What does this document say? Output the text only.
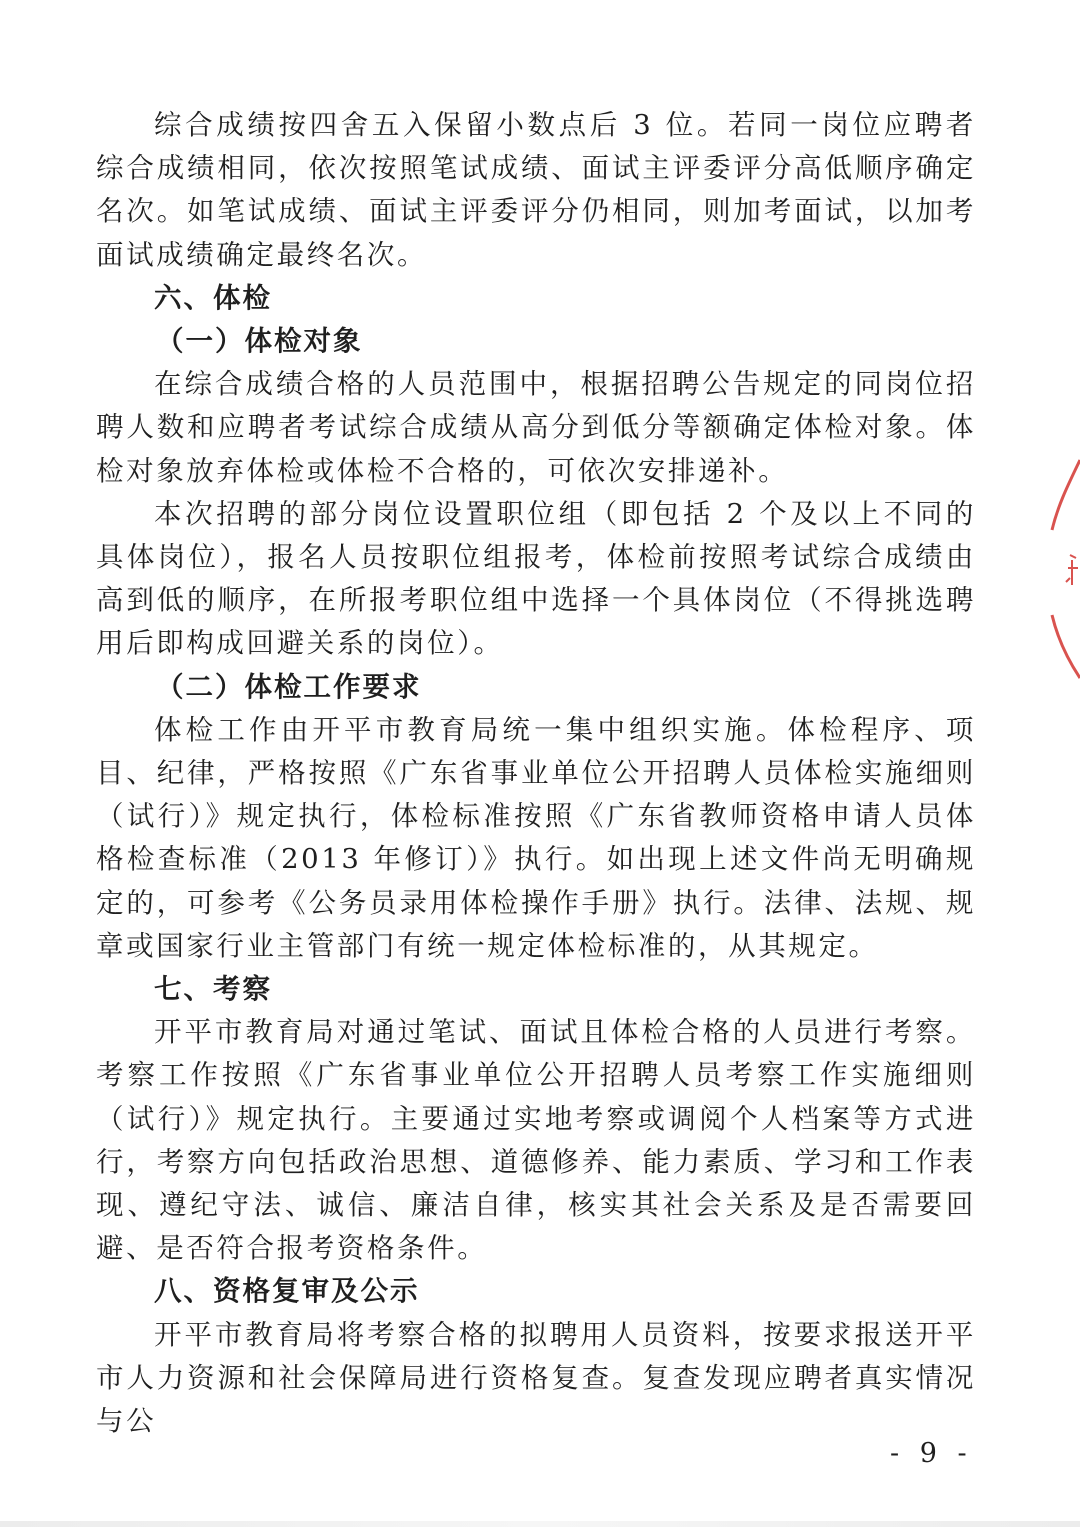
综合成绩按四舍五入保留小数点后 3 位。若同一岗位应聘者综合成绩相同，依次按照笔试成绩、面试主评委评分高低顺序确定名次。如笔试成绩、面试主评委评分仍相同，则加考面试，以加考面试成绩确定最终名次。

六、体检

（一）体检对象

在综合成绩合格的人员范围中，根据招聘公告规定的同岗位招聘人数和应聘者考试综合成绩从高分到低分等额确定体检对象。体检对象放弃体检或体检不合格的，可依次安排递补。

本次招聘的部分岗位设置职位组（即包括 2 个及以上不同的具体岗位），报名人员按职位组报考，体检前按照考试综合成绩由高到低的顺序，在所报考职位组中选择一个具体岗位（不得挑选聘用后即构成回避关系的岗位）。

（二）体检工作要求

体检工作由开平市教育局统一集中组织实施。体检程序、项目、纪律，严格按照《广东省事业单位公开招聘人员体检实施细则（试行）》规定执行，体检标准按照《广东省教师资格申请人员体格检查标准（2013 年修订）》执行。如出现上述文件尚无明确规定的，可参考《公务员录用体检操作手册》执行。法律、法规、规章或国家行业主管部门有统一规定体检标准的，从其规定。

七、考察

开平市教育局对通过笔试、面试且体检合格的人员进行考察。考察工作按照《广东省事业单位公开招聘人员考察工作实施细则（试行）》规定执行。主要通过实地考察或调阅个人档案等方式进行，考察方向包括政治思想、道德修养、能力素质、学习和工作表现、遵纪守法、诚信、廉洁自律，核实其社会关系及是否需要回避、是否符合报考资格条件。

八、资格复审及公示

开平市教育局将考察合格的拟聘用人员资料，按要求报送开平市人力资源和社会保障局进行资格复查。复查发现应聘者真实情况与公

- 9 -
